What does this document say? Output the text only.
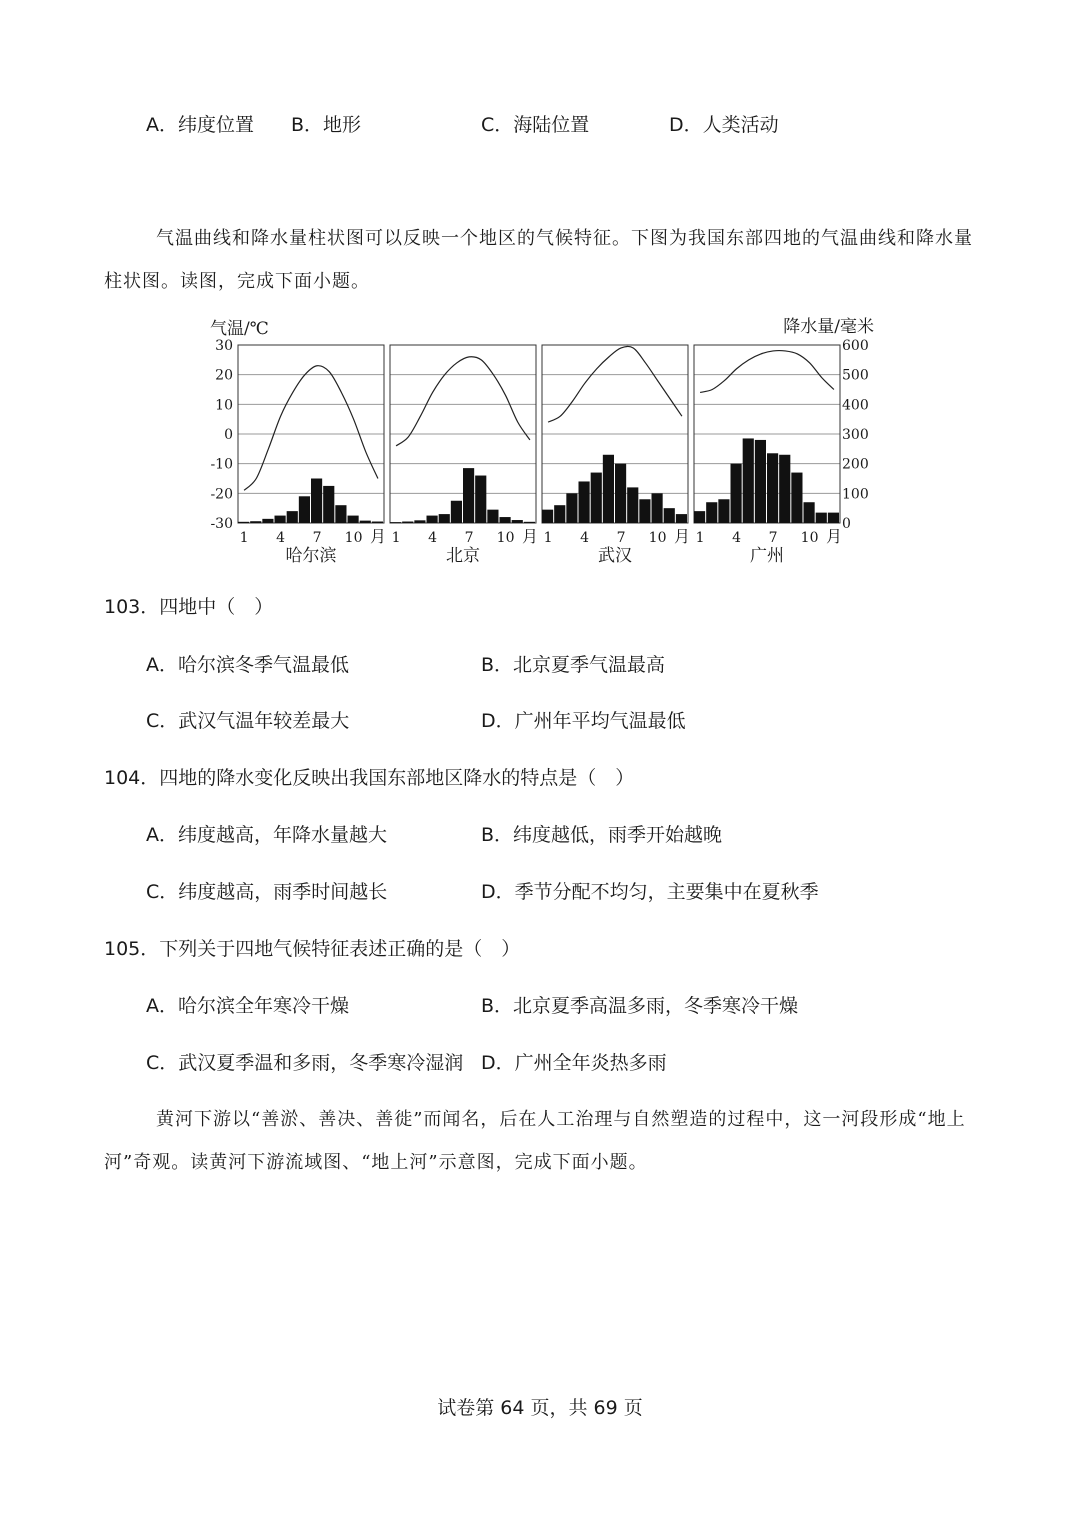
A．纬度位置 B．地形	C．海陆位置	D．人类活动
气温曲线和降水量柱状图可以反映一个地区的气候特征。下图为我国东部四地的气温曲线和降水量
柱状图。读图，完成下面小题。
气温/℃	降水量/毫米
30
20
10
0
-10
-20
-30
600
500
400
300
200
100
0
1 4 7 10 月
哈尔滨
1 4 7 10 月
北京
1 4 7 10 月
武汉
1 4 7 10 月
广州
103．四地中（　）
A．哈尔滨冬季气温最低	B．北京夏季气温最高
C．武汉气温年较差最大	D．广州年平均气温最低
104．四地的降水变化反映出我国东部地区降水的特点是（　）
A．纬度越高，年降水量越大	B．纬度越低，雨季开始越晚
C．纬度越高，雨季时间越长	D．季节分配不均匀，主要集中在夏秋季
105．下列关于四地气候特征表述正确的是（　）
A．哈尔滨全年寒冷干燥	B．北京夏季高温多雨，冬季寒冷干燥
C．武汉夏季温和多雨，冬季寒冷湿润 D．广州全年炎热多雨
黄河下游以“善淤、善决、善徙”而闻名，后在人工治理与自然塑造的过程中，这一河段形成“地上
河”奇观。读黄河下游流域图、“地上河”示意图，完成下面小题。
试卷第 64 页，共 69 页
